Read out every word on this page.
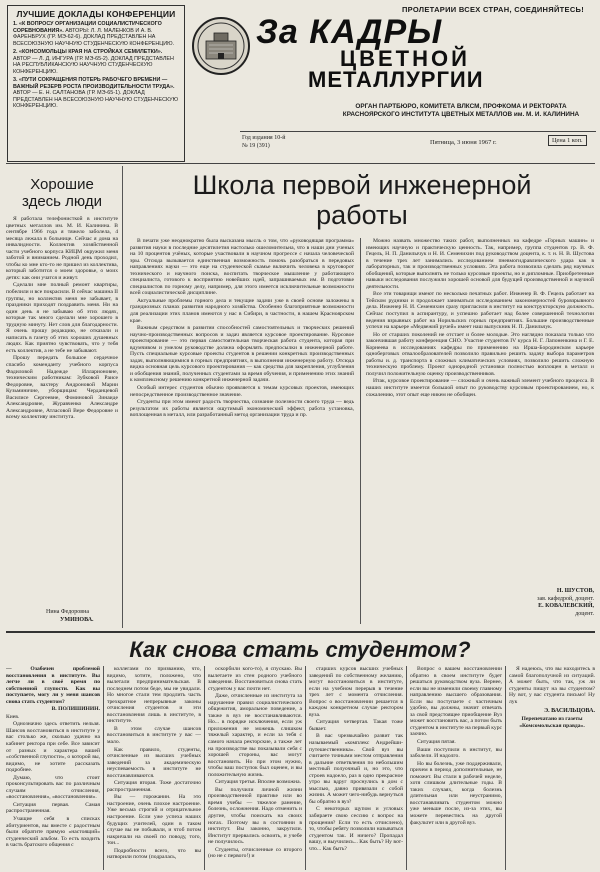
ЛУЧШИЕ ДОКЛАДЫ КОНФЕРЕНЦИИ

1. «К ВОПРОСУ ОРГАНИЗАЦИИ СОЦИАЛИСТИЧЕСКОГО СОРЕВНОВАНИЯ». АВТОРЫ: Л. Л. МАЛЕНКОВ И А. В. ФАРЕНБРУХ (ГР. МЭ-62-6). ДОКЛАД ПРЕДСТАВЛЕН НА ВСЕСОЮЗНУЮ НАУЧНУЮ СТУДЕНЧЕСКУЮ КОНФЕРЕНЦИЮ.

2. «КОНСОМОЛЬЦЫ КРАЯ НА СТРОЙКАХ СЕМИЛЕТКИ». АВТОР — Л. Д. ИНГУРА (ГР. МЭ-65-2). ДОКЛАД ПРЕДСТАВЛЕН НА РЕСПУБЛИКАНСКУЮ НАУЧНУЮ СТУДЕНЧЕСКУЮ КОНФЕРЕНЦИЮ.

3. «ПУТИ СОКРАЩЕНИЯ ПОТЕРЬ РАБОЧЕГО ВРЕМЕНИ — ВАЖНЫЙ РЕЗЕРВ РОСТА ПРОИЗВОДИТЕЛЬНОСТИ ТРУДА». АВТОР — Е. Н. САЛТАНОВА (ГР. МЭ-65-1). ДОКЛАД ПРЕДСТАВЛЕН НА ВСЕСОЮЗНУЮ НАУЧНУЮ СТУДЕНЧЕСКУЮ КОНФЕРЕНЦИЮ.

ПРОЛЕТАРИИ ВСЕХ СТРАН, СОЕДИНЯЙТЕСЬ!
За КАДРЫ
ЦВЕТНОЙ
МЕТАЛЛУРГИИ
ОРГАН ПАРТБЮРО, КОМИТЕТА ВЛКСМ, ПРОФКОМА И РЕКТОРАТА КРАСНОЯРСКОГО ИНСТИТУТА ЦВЕТНЫХ МЕТАЛЛОВ им. М. И. КАЛИНИНА
Год издания 10-й
№ 19 (391)	Пятница, 3 июня 1967 г.	Цена 1 коп.
Хорошие
здесь люди

Я работала телефонисткой в институте цветных металлов им. М. И. Калинина. В сентябре 1966 года я тяжело заболела, 4 месяца лежала в больнице. Сейчас я дома на инвалидности. Коллектив хозяйственной части учебного корпуса КИЦМ окружил меня заботой и вниманием. Родной день проходил, чтобы ко мне кто-то не пришел из коллектива, который заботится о моем здоровье, о моих детях: как они учатся и живут.

Сделали мне полный ремонт квартиры, побелили и все покрасили. В сейчас машина II группы, но коллектив меня не забывает, в праздники приходят поздравить меня. Ни на один день я не забываю об этих людях, которые так много сделали мне хорошего в трудную минуту. Нет слов для благодарности. Я очень прошу редакцию, не отказали и написать в газету об этих хороших душевных людях. Как приятно чувствовать, что у тебя есть коллектив, а не тебе не забывают.

Прошу передать большое сердечное спасибо коменданту учебного корпуса Фадиловой Надежде Илларионовне, техническим работникам: Зубковой Раисе Федоровне, вахтеру Андроновой Марии Кузьминичне, уборщицам: Черданцевой Василисе Сергеевне, Фоминовой Зинаиде Александровне, Журавченко Александре Александровне, Атласовой Вере Федоровне и всему коллективу института.

Нина Федоровна
УМИНОВА.
Школа первой инженерной
работы

В печати уже неоднократно была высказана мысль о том, что «руководящая программа» развития науки в последние десятилетия настолько ошеломительна, что в наши дни ученых на 10 процентов учёных, которые участвовали в научном прогрессе с начала человеческой эры. Отсюда вызывается единственная возможность помочь разобраться в передовых направлениях науки — это еще на студенческой скамье включить человека в круговорот технического и научного поиска, воспитать творческое мышление у работающего специалиста, готового к восприятию новейших идей, запрашиваемых им. В подготовке специалистов по горному делу, например, для этого имеется исключительные возможности всей социалистической дисциплине.

Актуальные проблемы горного дела и текущие задачи уже в своей основе заложены в грандиозных планах развития народного хозяйства. Особенно благоприятные возможности для реализации этих планов имеются у нас в Сибири, в частности, в нашем Красноярском крае.

Важным средством в развитии способностей самостоятельных и творческих решений научно-производственных вопросов и задач является курсовое проектирование. Курсовое проектирование — это первая самостоятельная творческая работа студента, которая при вдумчивом и умелом руководстве должна оформлять предпосылки в инженерной работе. Пусть специальные курсовые проекты студентов в решении конкретных производственных задач, выполняющимися в горных предприятиях, в выполнения инженерную работу. Отсюда видна основная цель курсового проектирования — как средства для закрепления, углубления и обобщения знаний, полученных студентами за время обучения, и применению этих знаний к комплексному решению конкретной инженерной задачи.

Особый интерес студентов обычно проявляется к темам курсовых проектов, имеющих непосредственное производственное значение.

Студенты при этом имеют радость творчества, сознание полезности своего труда — ведь результатом их работы является ощутимый экономический эффект, работа установка, воплощенная в металл, или разработанный метод организации труда и пр.

Можно назвать множество таких работ, выполненных на кафедре «Горных машин» и имеющих научную и практическую ценность. Так, например, группа студентов гр. В. Ф. Гецель, Н. П. Данилычук и Н. И. Семенихин под руководством доцента, к. т. н. Н. В. Шустова в течение трех лет занимались исследованием пневмогидравлического удара как в лабораторных, так и производственных условиях. Эта работа позволила сделать ряд научных обобщений, которые выполнять не только курсовые проекты, но и дипломные. Приобретенные навыки исследования послужили хорошей основой для будущей производственной и научной деятельности.

Все эти товарищи имеют по несколько печатных работ. Инженер В. Ф. Гецель работает на Тейском рудники и продолжает заниматься исследованием закономерностей буровзрывного дела. Инженер Н. И. Семенихин сразу пригласили в институт на конструкторскую должность. Сейчас поступил в аспирантуру, и успешно работает над более совершенной технологии ведения взрывных работ на Норильских горных предприятиях. Большие производственные успехи на карьере «Медвежий ручей» имеет наш выпускник Н. П. Данильчук.

Но от старших поколений не отстает и более молодые. Это наглядно показала только что закончившая работу конференция СНО. Участие студентов IV курса Н. Г. Лапоненкина и Г. Е. Корнеева в исследованиях кафедры по применению на Ирша-Бородинском карьере одноберговых отвалообразователей позволило правильно решить задачу выбора параметров работы и. д. транспорта в сложных климатических условиях, позволило решить сложную техническую проблему. Проект однородной установки полностью воплощен в металл и получил положительную оценку производственников.

Итак, курсовое проектирование — сложный и очень важный элемент учебного процесса. В наших институте имеется большой опыт по руководству курсовым проектированием, но, к сожалению, этот опыт еще никем не обобщен.

Н. ШУСТОВ,
зав. кафедрой, доцент.
Е. КОВАЛЕВСКИЙ,
доцент.
Как снова стать студентом?

— Озабочен проблемой восстановления в институте. Вы легче ли в своё время по собственной глупости. Как вы поступаете, могу ли у меня шансов снова стать студентом?

В. ПОЛИШИНИН.

Киев.

Однозначно здесь ответить нельзя. Шансов восстановиться в институте у вас столько же, сколько удачно на кабинет ректора при себе. Все зависит от разных и характера вашей «собственной глупости», о которой вы, видимо, не хотите рассказать подробнее.

Думаю, что стоит проконсультировать вас по различным случаям отчисления, «восстановления», «восстановления».

Ситуация первая. Самая распространенная.

Учащие себя в списках абитуриентов, вы вместе с радостным были обратите прямую «настоящий» студенческий альбом. То есть входить в часть братского общения с

коллегами по призванию, что, видимо, хотите, положено, что вылетали предпринимательская. В последнем потом беде, мы не увидали. Но многое стали тем продлить часть трехкратное непрерывные законы отчисления студентов и эти восстановления лишь в институте, в институте.

В этом случае шансов восстановиться в институте у вас — мало.

Как правило, студенты, отчисленные из высших учебных заведений за академическую неуспеваемость в институте не восстанавливаются.

Ситуация вторая. Тоже достаточно распространенная.

Вы — горожанин. На это настроение, очень плохое настроение. Уже весьма строгий и отрицательное настроение. Если уже успеха наших будущих учителей, один в таком случае вы не побывали, и чтоб потом накричали на своей по поводу, того, тон...

Подробности всего, что вы натворили потом (подралась,

оскорбили кого-то), я спускаю. Вы вылетаете из стен родного учебного заведения. Восстановиться снова стать студентом у вас почти нет.

Даже, отчисленные из института за нарушение правил социалистического общежития, аморальное поведение, а также в вуз не восстанавливаются. Но... в порядке исключения, если уж приложения не можешь слишком тяжелый характер, и если за тебя с самого начала ректорские, а также лет на производстве вы показывали себя с хорошей стороны, вас могут восстановить. Но при этом нужно, чтобы ваш поступок был оценен, и вы положительную жизнь.

Ситуация третья. Вполне возможна.

Вы получили личной жизни производственной практике или во время учебы — тяжелое ранение, болезнь, осложнения. Надо отменить и другие, чтобы поискать на своих ногах. Поэтому вы в состоянии в институт. Вы законно, закругили. Институт прервались освоить, и учебе не получилось.

Студенты, отчисленные со второго (но не с первого!) и

старших курсов высших учебных заведений по собственному желанию, могут восстановиться в институте, если на учебном перерыв в течение трех лет с момента отчисления. Вопрос о восстановлении решается в каждом конкретном случае ректором вуза.

Ситуация четвертая. Такая тоже бывает.

В вас чрезвычайно развит так называемый «комплекс Андрейши-путешественника». Свой вуз вы считаете точными местом отправления в дальние ответвления по небольшим местный полуочный и, но это, что строев надоело, раз в одно прекрасное утро вы вдруг проснулись в дом с мыслью, давно привязали с собой жизни. А может чего-нибудь вернуться бы обратно в вуз?

С некоторых щупом и угловых забираете свою сессию с вопрос на прощения? Если то есть отчислено), то, чтобы ребяту позволили называться студентом так. И ничего? Пропадал вашу, и выучились... Как быть? Ну вот-что... Как быть?

Вопрос о вашем восстановлении обратно в своем институте будет решаться руководством вуза. Вернее, если вы не изменили своему главному направлению высшего образования. Если вы поступаете с частичным удобно, вы должны, значит отвечать за свой предстоящее приобщение Вуз может восстановить вас, а потом быть студентом в институте на первый курс заочно.

Ситуация пятая.

Ваши поступили в институт, вы заболели. И надолго.

Но вы болезнь, уже поддерживали, причем в период дополнительные, не поможет. Вы стали в рабочей неделе, хотя слишком длительные годы. В таких случаях, когда болезнь длительная или неустранимо, восстанавливать студентом можно уже меньше после, из-за этих, вы можете перевестись на другой факультет или в другой вуз.

Я надеюсь, что вы находитесь в самой благополучной из ситуаций. А может быть, что так, уж ли студенты пишут на вы студентом? Ну вот, у вас студента письмо! Ну лук

Э. ВАСИЛЬЦОВА.

Перепечатано из газеты «Комсомольская правда».
